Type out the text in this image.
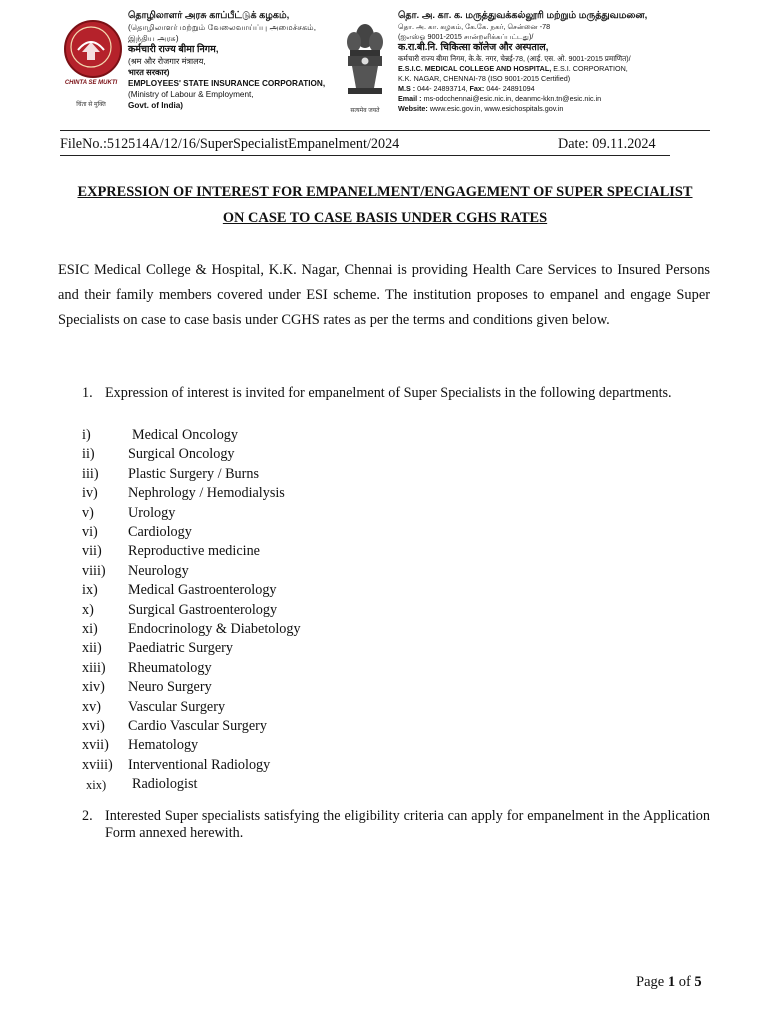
CHINTA SE MUKTI
चिंता से मुक्ति
தொழிலாளர் அரசு காப்பீட்டுக் கழகம்,
(தொழிலாளர் மற்றும் வேலைவாய்ப்பு அமைச்சகம்,
இந்திய அரசு)
कर्मचारी राज्य बीमा निगम,
(श्रम और रोजगार मंत्रालय,
भारत सरकार)
EMPLOYEES' STATE INSURANCE CORPORATION,
(Ministry of Labour & Employment,
Govt. of India)
सत्यमेव जयते
தொ. அ. கா. க. மருத்துவக்கல்லூரி மற்றும் மருத்துவமனை,
தொ. அ. கா. கழகம், கே.கே. நகர், சென்னை -78
(ஐஎஸ்ஓ 9001-2015 சான்றளிக்கப்பட்டது)/
क.रा.बी.नि. चिकित्सा कॉलेज और अस्पताल,
कर्मचारी राज्य बीमा निगम, के.के. नगर, चेन्नई-78, (आई. एस. ओ. 9001-2015 प्रमाणित)/
E.S.I.C. MEDICAL COLLEGE AND HOSPITAL, E.S.I. CORPORATION,
K.K. NAGAR, CHENNAI-78 (ISO 9001-2015 Certified)
M.S : 044- 24893714, Fax: 044- 24891094
Email : ms-odcchennai@esic.nic.in, deanmc-kkn.tn@esic.nic.in
Website: www.esic.gov.in, www.esichospitals.gov.in
FileNo.:512514A/12/16/SuperSpecialistEmpanelment/2024	Date: 09.11.2024
EXPRESSION OF INTEREST FOR EMPANELMENT/ENGAGEMENT OF SUPER SPECIALIST
ON CASE TO CASE BASIS UNDER CGHS RATES
ESIC Medical College & Hospital, K.K. Nagar, Chennai is providing Health Care Services to Insured Persons and their family members covered under ESI scheme. The institution proposes to empanel and engage Super Specialists on case to case basis under CGHS rates as per the terms and conditions given below.
1. Expression of interest is invited for empanelment of Super Specialists in the following departments.
i)	Medical Oncology
ii) Surgical Oncology
iii) Plastic Surgery / Burns
iv) Nephrology / Hemodialysis
v) Urology
vi) Cardiology
vii) Reproductive medicine
viii) Neurology
ix) Medical Gastroenterology
x) Surgical Gastroenterology
xi) Endocrinology & Diabetology
xii) Paediatric Surgery
xiii) Rheumatology
xiv) Neuro Surgery
xv) Vascular Surgery
xvi) Cardio Vascular Surgery
xvii) Hematology
xviii) Interventional Radiology
xix) Radiologist
2. Interested Super specialists satisfying the eligibility criteria can apply for empanelment in the Application Form annexed herewith.
Page 1 of 5
